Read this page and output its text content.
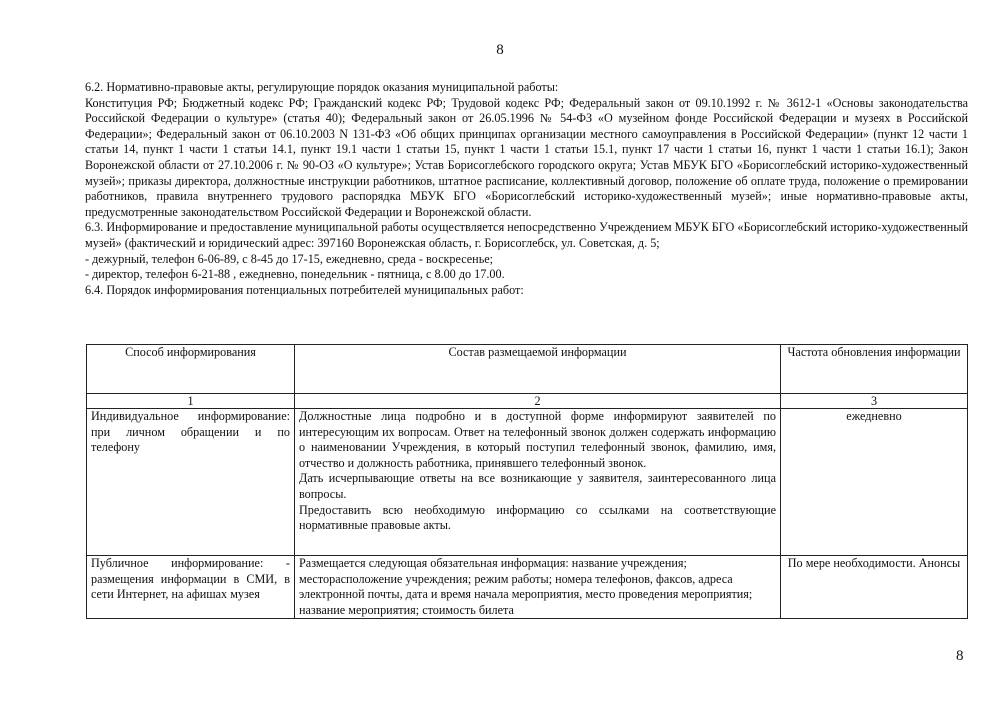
8

6.2. Нормативно-правовые акты, регулирующие порядок оказания муниципальной работы:

Конституция РФ; Бюджетный кодекс РФ; Гражданский кодекс РФ; Трудовой кодекс РФ; Федеральный закон от 09.10.1992 г. № 3612-1 «Основы законодательства Российской Федерации о культуре» (статья 40); Федеральный закон от 26.05.1996 № 54-ФЗ «О музейном фонде Российской Федерации и музеях в Российской Федерации»; Федеральный закон от 06.10.2003 N 131-ФЗ «Об общих принципах организации местного самоуправления в Российской Федерации» (пункт 12 части 1 статьи 14, пункт 1 части 1 статьи 14.1, пункт 19.1 части 1 статьи 15, пункт 1 части 1 статьи 15.1, пункт 17 части 1 статьи 16, пункт 1 части 1 статьи 16.1); Закон Воронежской области от 27.10.2006 г. № 90-ОЗ «О культуре»; Устав Борисоглебского городского округа; Устав МБУК БГО «Борисоглебский историко-художественный музей»; приказы директора, должностные инструкции работников, штатное расписание, коллективный договор, положение об оплате труда, положение о премировании работников, правила внутреннего трудового распорядка МБУК БГО «Борисоглебский историко-художественный музей»; иные нормативно-правовые акты, предусмотренные законодательством Российской Федерации и Воронежской области.

6.3. Информирование и предоставление муниципальной работы осуществляется непосредственно Учреждением МБУК БГО «Борисоглебский историко-художественный музей» (фактический и юридический адрес: 397160 Воронежская область, г. Борисоглебск, ул. Советская, д. 5;

- дежурный, телефон 6-06-89, с 8-45 до 17-15, ежедневно, среда - воскресенье;

- директор, телефон 6-21-88 , ежедневно, понедельник - пятница, с 8.00 до 17.00.

6.4. Порядок информирования потенциальных потребителей муниципальных работ:

Способ информирования	Состав размещаемой информации	Частота обновления информации
1	2	3
Индивидуальное информирование: при личном обращении и по телефону	Должностные лица подробно и в доступной форме информируют заявителей по интересующим их вопросам. Ответ на телефонный звонок должен содержать информацию о наименовании Учреждения, в который поступил телефонный звонок, фамилию, имя, отчество и должность работника, принявшего телефонный звонок.

Дать исчерпывающие ответы на все возникающие у заявителя, заинтересованного лица вопросы.

Предоставить всю необходимую информацию со ссылками на соответствующие нормативные правовые акты.	ежедневно
Публичное информирование: - размещения информации в СМИ, в сети Интернет, на афишах музея	Размещается следующая обязательная информация: название учреждения; месторасположение учреждения; режим работы; номера телефонов, факсов, адреса электронной почты, дата и время начала мероприятия, место проведения мероприятия; название мероприятия; стоимость билета	По мере необходимости. Анонсы
8
